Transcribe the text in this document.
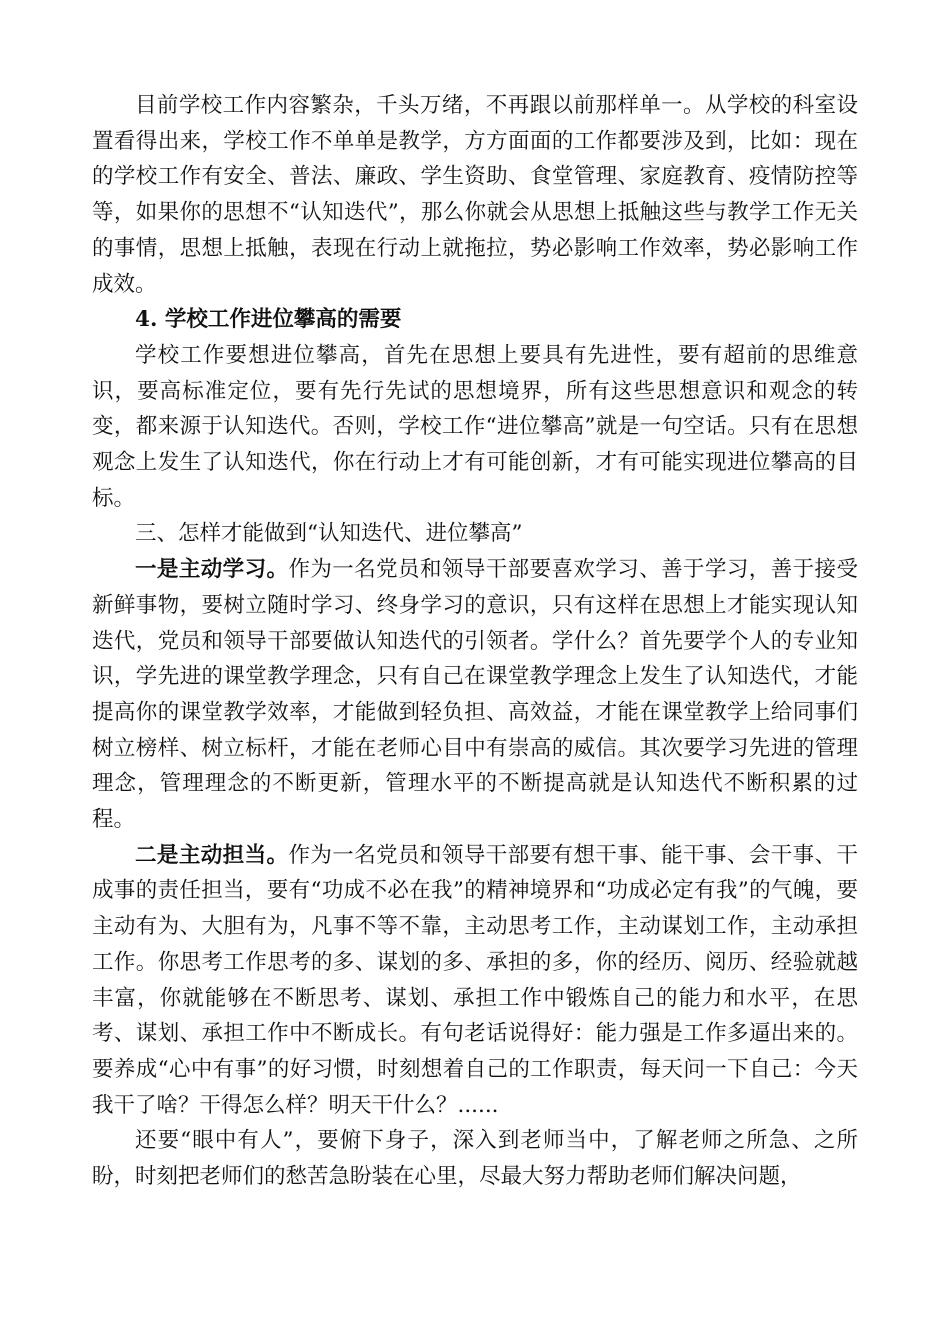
目前学校工作内容繁杂，千头万绪，不再跟以前那样单一。从学校的科室设置看得出来，学校工作不单单是教学，方方面面的工作都要涉及到，比如：现在的学校工作有安全、普法、廉政、学生资助、食堂管理、家庭教育、疫情防控等等，如果你的思想不“认知迭代”，那么你就会从思想上抵触这些与教学工作无关的事情，思想上抵触，表现在行动上就拖拉，势必影响工作效率，势必影响工作成效。

4. 学校工作进位攀高的需要

学校工作要想进位攀高，首先在思想上要具有先进性，要有超前的思维意识，要高标准定位，要有先行先试的思想境界，所有这些思想意识和观念的转变，都来源于认知迭代。否则，学校工作“进位攀高”就是一句空话。只有在思想观念上发生了认知迭代，你在行动上才有可能创新，才有可能实现进位攀高的目标。

三、怎样才能做到“认知迭代、进位攀高”

一是主动学习。作为一名党员和领导干部要喜欢学习、善于学习，善于接受新鲜事物，要树立随时学习、终身学习的意识，只有这样在思想上才能实现认知迭代，党员和领导干部要做认知迭代的引领者。学什么？首先要学个人的专业知识，学先进的课堂教学理念，只有自己在课堂教学理念上发生了认知迭代，才能提高你的课堂教学效率，才能做到轻负担、高效益，才能在课堂教学上给同事们树立榜样、树立标杆，才能在老师心目中有崇高的威信。其次要学习先进的管理理念，管理理念的不断更新，管理水平的不断提高就是认知迭代不断积累的过程。

二是主动担当。作为一名党员和领导干部要有想干事、能干事、会干事、干成事的责任担当，要有“功成不必在我”的精神境界和“功成必定有我”的气魄，要主动有为、大胆有为，凡事不等不靠，主动思考工作，主动谋划工作，主动承担工作。你思考工作思考的多、谋划的多、承担的多，你的经历、阅历、经验就越丰富，你就能够在不断思考、谋划、承担工作中锻炼自己的能力和水平，在思考、谋划、承担工作中不断成长。有句老话说得好：能力强是工作多逼出来的。要养成“心中有事”的好习惯，时刻想着自己的工作职责，每天问一下自己：今天我干了啥？干得怎么样？明天干什么？......

还要“眼中有人”，要俯下身子，深入到老师当中，了解老师之所急、之所盼，时刻把老师们的愁苦急盼装在心里，尽最大努力帮助老师们解决问题，
